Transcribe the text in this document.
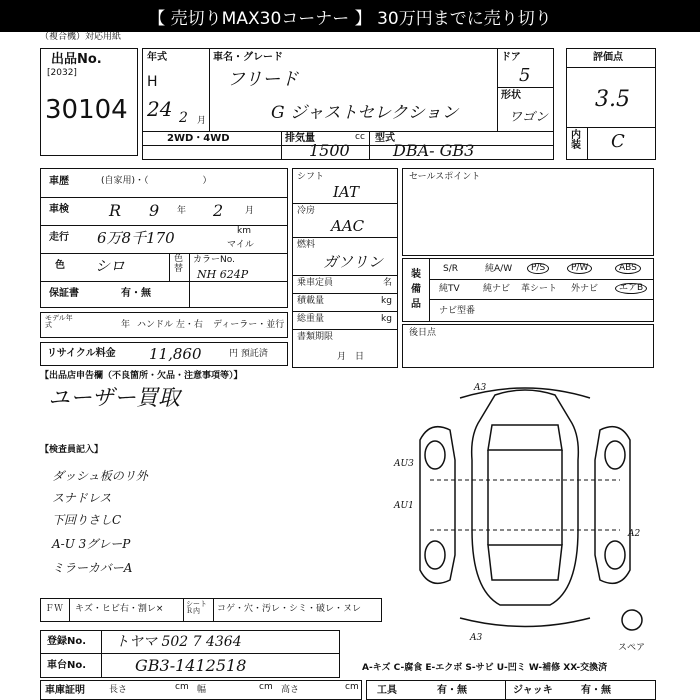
【 売切りMAX30コーナー 】 30万円までに売り切り
（複合機）対応用紙
出品No.
[2032]
30104
年式
H
24 2 月
車名・グレード
フリード
G ジャストセレクション
ドア
5
形状
ワゴン
2WD・4WD	排気量	cc
1500
型式
DBA- GB3
評価点
3.5
内装 C
車歴	(自家用)・（　　　　　　）
車検	R 9 年 2 月
走行 6万8千170	km
マイル
色 シロ	色替
カラーNo.
NH 624P
保証書	有・無
モデル年式	年 ハンドル 左・右 ディーラー・並行
リサイクル料金 11,860	円 預託済
シフト
IAT
冷房
AAC
燃料
ガソリン
乗車定員	名
積載量	kg
総重量	kg
書類期限
月　日
セールスポイント
装備品
S/R	純A/W	P/S	P/W	ABS
純TV	純ナビ 革シート 外ナビ	エアB
ナビ型番
後日点
【出品店申告欄（不良箇所・欠品・注意事項等）】
ユーザー買取
【検査員記入】
ダッシュ板のリ外
スナドレス
下回りさしC
A-U 3グレーP
ミラーカバーA
A3
AU3
AU1
A2
A3
スペア
ＦＷ キズ・ヒビ右・割レ×	シートＲ内	コゲ・穴・汚レ・シミ・破レ・ヌレ
登録No. トヤマ 502 7 4364
車台No.	GB3-1412518	A-キズ C-腐食 E-エクボ S-サビ U-凹ミ W-補修 XX-交換済
車庫証明	長さ	cm 幅	cm 高さ	cm 工具	有・無	ジャッキ	有・無
